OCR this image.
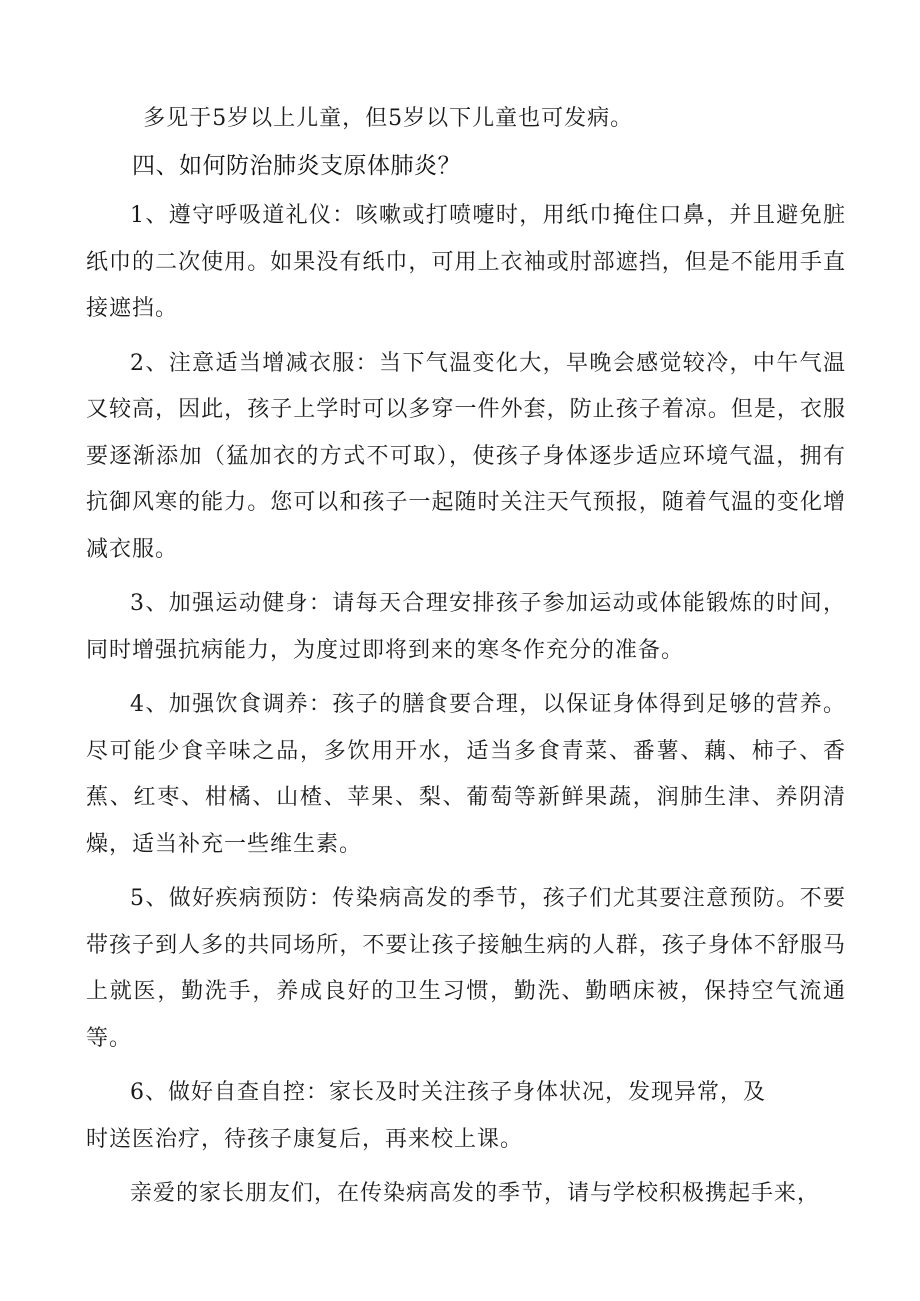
多见于5岁以上儿童，但5岁以下儿童也可发病。

四、如何防治肺炎支原体肺炎？

1、遵守呼吸道礼仪：咳嗽或打喷嚏时，用纸巾掩住口鼻，并且避免脏纸巾的二次使用。如果没有纸巾，可用上衣袖或肘部遮挡，但是不能用手直接遮挡。

2、注意适当增减衣服：当下气温变化大，早晚会感觉较冷，中午气温又较高，因此，孩子上学时可以多穿一件外套，防止孩子着凉。但是，衣服要逐渐添加（猛加衣的方式不可取），使孩子身体逐步适应环境气温，拥有抗御风寒的能力。您可以和孩子一起随时关注天气预报，随着气温的变化增减衣服。

3、加强运动健身：请每天合理安排孩子参加运动或体能锻炼的时间，同时增强抗病能力，为度过即将到来的寒冬作充分的准备。

4、加强饮食调养：孩子的膳食要合理，以保证身体得到足够的营养。尽可能少食辛味之品，多饮用开水，适当多食青菜、番薯、藕、柿子、香蕉、红枣、柑橘、山楂、苹果、梨、葡萄等新鲜果蔬，润肺生津、养阴清燥，适当补充一些维生素。

5、做好疾病预防：传染病高发的季节，孩子们尤其要注意预防。不要带孩子到人多的共同场所，不要让孩子接触生病的人群，孩子身体不舒服马上就医，勤洗手，养成良好的卫生习惯，勤洗、勤晒床被，保持空气流通等。

6、做好自查自控：家长及时关注孩子身体状况，发现异常，及

时送医治疗，待孩子康复后，再来校上课。

亲爱的家长朋友们，在传染病高发的季节，请与学校积极携起手来，
